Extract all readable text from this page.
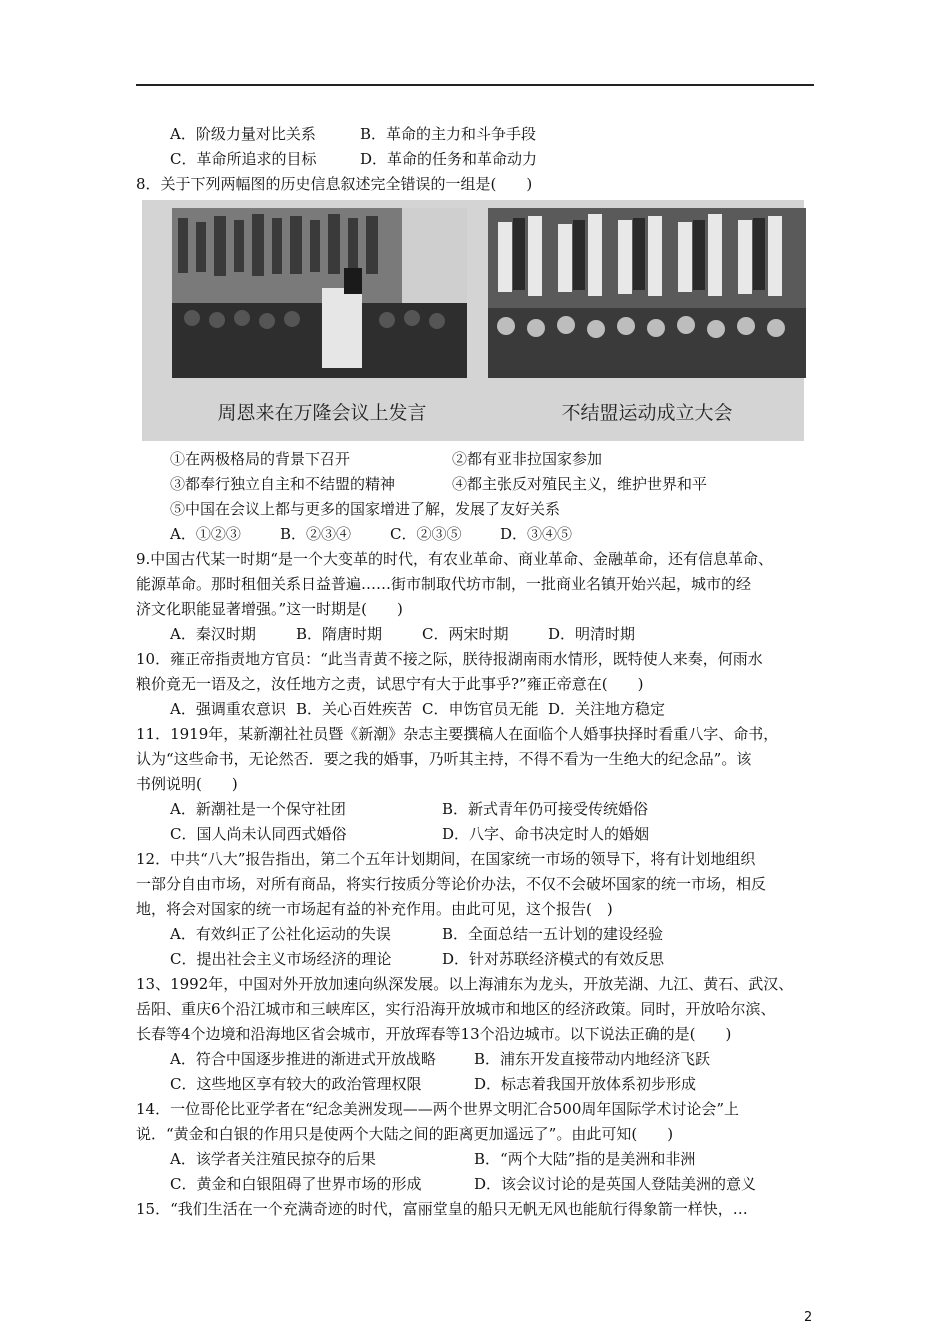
A．阶级力量对比关系	B．革命的主力和斗争手段
C．革命所追求的目标	D．革命的任务和革命动力
8．关于下列两幅图的历史信息叙述完全错误的一组是(　　)
周恩来在万隆会议上发言	不结盟运动成立大会
①在两极格局的背景下召开	②都有亚非拉国家参加
③都奉行独立自主和不结盟的精神	④都主张反对殖民主义，维护世界和平
⑤中国在会议上都与更多的国家增进了解，发展了友好关系
A．①②③	B．②③④	C．②③⑤	D．③④⑤
9.中国古代某一时期“是一个大变革的时代，有农业革命、商业革命、金融革命，还有信息革命、
能源革命。那时租佃关系日益普遍……街市制取代坊市制，一批商业名镇开始兴起，城市的经
济文化职能显著增强。”这一时期是(　　)
A．秦汉时期	B．隋唐时期	C．两宋时期	D．明清时期
10．雍正帝指责地方官员：“此当青黄不接之际，朕待报湖南雨水情形，既特使人来奏，何雨水
粮价竟无一语及之，汝任地方之责，试思宁有大于此事乎?”雍正帝意在(　　)
A．强调重农意识 B．关心百姓疾苦 C．申饬官员无能 D．关注地方稳定
11．1919年，某新潮社社员暨《新潮》杂志主要撰稿人在面临个人婚事抉择时看重八字、命书，
认为“这些命书，无论然否．要之我的婚事，乃听其主持，不得不看为一生绝大的纪念品”。该
书例说明(　　)
A．新潮社是一个保守社团	B．新式青年仍可接受传统婚俗
C．国人尚未认同西式婚俗	D．八字、命书决定时人的婚姻
12．中共“八大”报告指出，第二个五年计划期间，在国家统一市场的领导下，将有计划地组织
一部分自由市场，对所有商品，将实行按质分等论价办法，不仅不会破坏国家的统一市场，相反
地，将会对国家的统一市场起有益的补充作用。由此可见，这个报告(　)
A．有效纠正了公社化运动的失误	B．全面总结一五计划的建设经验
C．提出社会主义市场经济的理论	D．针对苏联经济模式的有效反思
13、1992年，中国对外开放加速向纵深发展。以上海浦东为龙头，开放芜湖、九江、黄石、武汉、
岳阳、重庆6个沿江城市和三峡库区，实行沿海开放城市和地区的经济政策。同时，开放哈尔滨、
长春等4个边境和沿海地区省会城市，开放珲春等13个沿边城市。以下说法正确的是(　　)
A．符合中国逐步推进的渐进式开放战略	B．浦东开发直接带动内地经济飞跃
C．这些地区享有较大的政治管理权限	D．标志着我国开放体系初步形成
14．一位哥伦比亚学者在“纪念美洲发现——两个世界文明汇合500周年国际学术讨论会”上
说．“黄金和白银的作用只是使两个大陆之间的距离更加遥远了”。由此可知(　　)
A．该学者关注殖民掠夺的后果	B．“两个大陆”指的是美洲和非洲
C．黄金和白银阻碍了世界市场的形成	D．该会议讨论的是英国人登陆美洲的意义
15．“我们生活在一个充满奇迹的时代，富丽堂皇的船只无帆无风也能航行得象箭一样快，…
2
